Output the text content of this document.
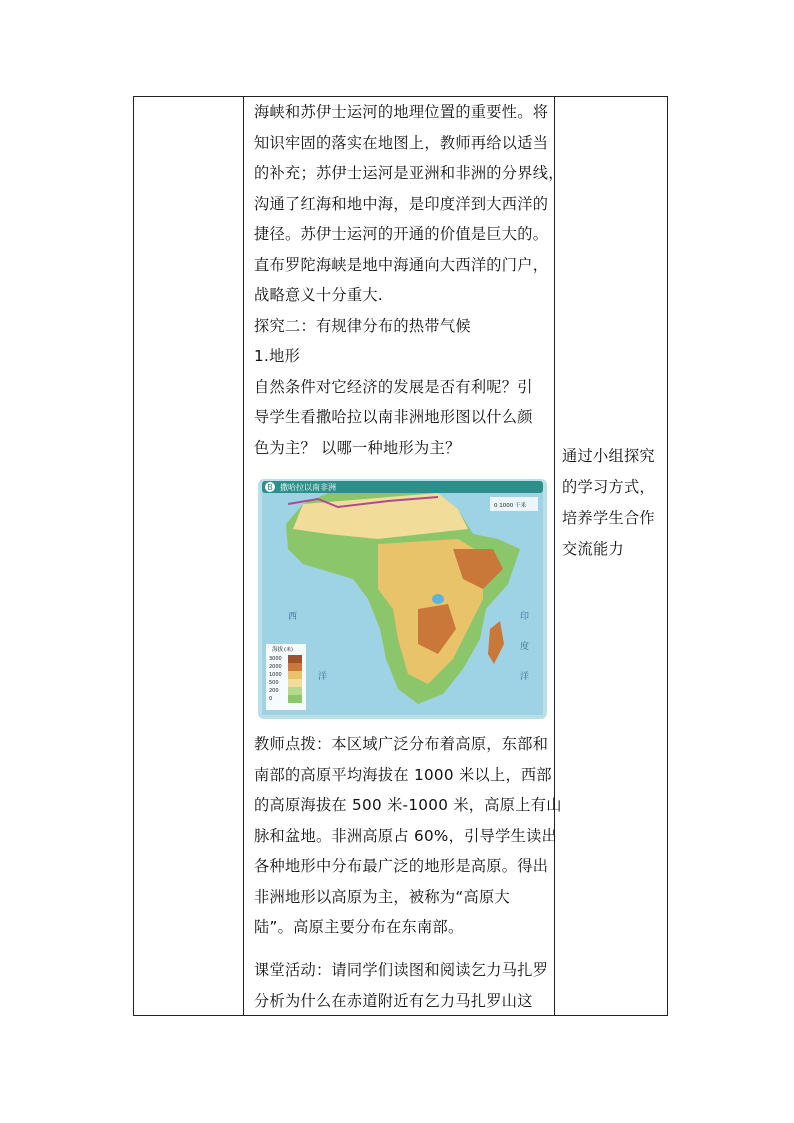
海峡和苏伊士运河的地理位置的重要性。将

知识牢固的落实在地图上，教师再给以适当

的补充；苏伊士运河是亚洲和非洲的分界线，

沟通了红海和地中海，是印度洋到大西洋的

捷径。苏伊士运河的开通的价值是巨大的。

直布罗陀海峡是地中海通向大西洋的门户，

战略意义十分重大.

探究二：有规律分布的热带气候

1.地形

自然条件对它经济的发展是否有利呢？引

导学生看撒哈拉以南非洲地形图以什么颜

色为主？ 以哪一种地形为主？

B 撒哈拉以南非洲
西
洋
印
度
洋
0 1000 千米
海拔 (米)
3000
2000
1000
500
200
0

教师点拨：本区域广泛分布着高原，东部和

南部的高原平均海拔在 1000 米以上，西部

的高原海拔在 500 米-1000 米，高原上有山

脉和盆地。非洲高原占 60%，引导学生读出

各种地形中分布最广泛的地形是高原。得出

非洲地形以高原为主，被称为“高原大

陆”。高原主要分布在东南部。

课堂活动：请同学们读图和阅读乞力马扎罗

分析为什么在赤道附近有乞力马扎罗山这

通过小组探究

的学习方式，

培养学生合作

交流能力
